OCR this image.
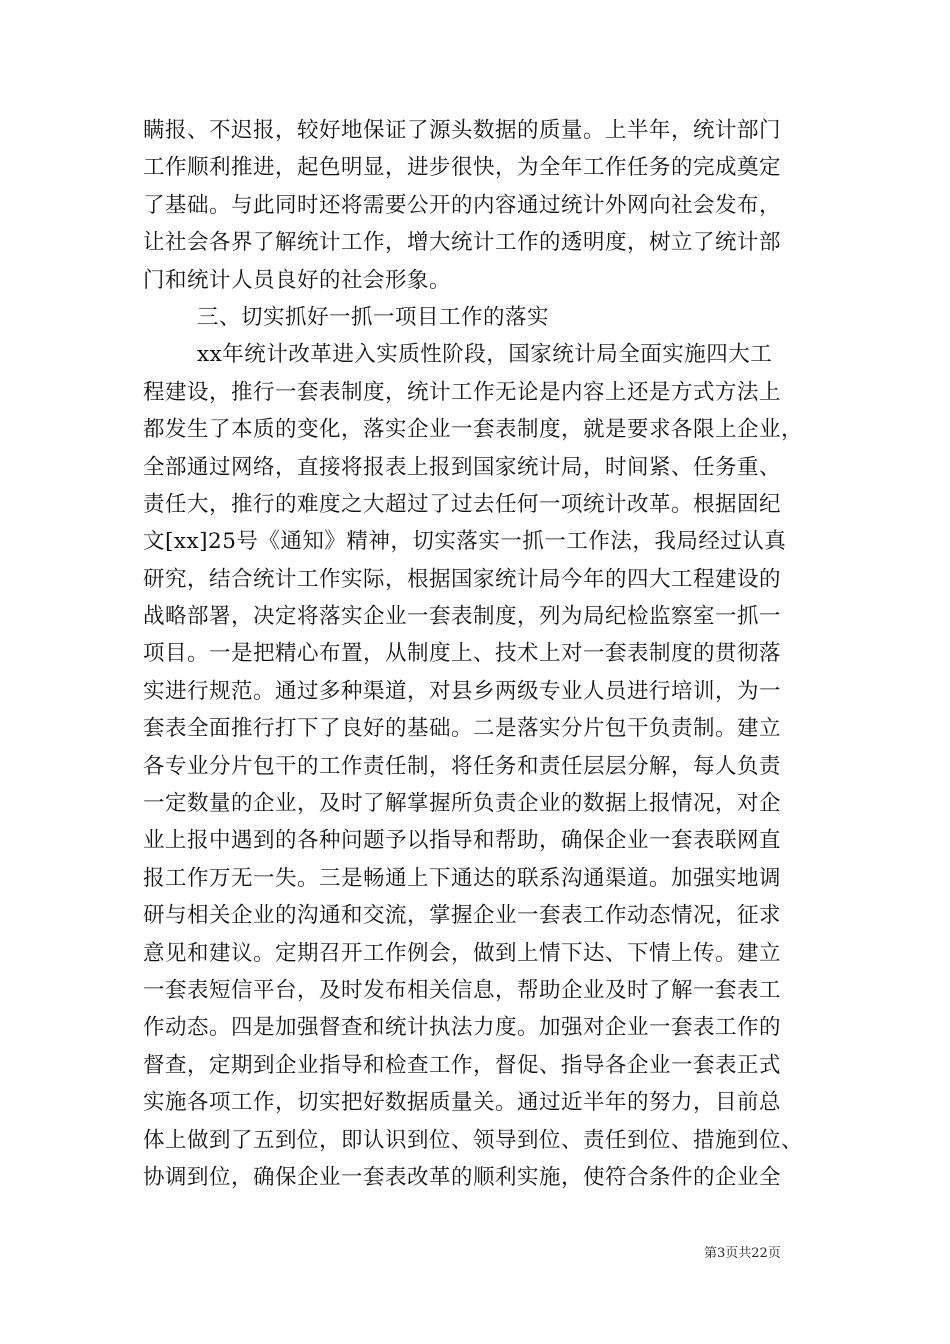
瞒报、不迟报，较好地保证了源头数据的质量。上半年，统计部门
工作顺利推进，起色明显，进步很快，为全年工作任务的完成奠定
了基础。与此同时还将需要公开的内容通过统计外网向社会发布，
让社会各界了解统计工作，增大统计工作的透明度，树立了统计部
门和统计人员良好的社会形象。
三、切实抓好一抓一项目工作的落实
xx年统计改革进入实质性阶段，国家统计局全面实施四大工
程建设，推行一套表制度，统计工作无论是内容上还是方式方法上
都发生了本质的变化，落实企业一套表制度，就是要求各限上企业，
全部通过网络，直接将报表上报到国家统计局，时间紧、任务重、
责任大，推行的难度之大超过了过去任何一项统计改革。根据固纪
文[xx]25号《通知》精神，切实落实一抓一工作法，我局经过认真
研究，结合统计工作实际，根据国家统计局今年的四大工程建设的
战略部署，决定将落实企业一套表制度，列为局纪检监察室一抓一
项目。一是把精心布置，从制度上、技术上对一套表制度的贯彻落
实进行规范。通过多种渠道，对县乡两级专业人员进行培训，为一
套表全面推行打下了良好的基础。二是落实分片包干负责制。建立
各专业分片包干的工作责任制，将任务和责任层层分解，每人负责
一定数量的企业，及时了解掌握所负责企业的数据上报情况，对企
业上报中遇到的各种问题予以指导和帮助，确保企业一套表联网直
报工作万无一失。三是畅通上下通达的联系沟通渠道。加强实地调
研与相关企业的沟通和交流，掌握企业一套表工作动态情况，征求
意见和建议。定期召开工作例会，做到上情下达、下情上传。建立
一套表短信平台，及时发布相关信息，帮助企业及时了解一套表工
作动态。四是加强督查和统计执法力度。加强对企业一套表工作的
督查，定期到企业指导和检查工作，督促、指导各企业一套表正式
实施各项工作，切实把好数据质量关。通过近半年的努力，目前总
体上做到了五到位，即认识到位、领导到位、责任到位、措施到位、
协调到位，确保企业一套表改革的顺利实施，使符合条件的企业全
第3页共22页
